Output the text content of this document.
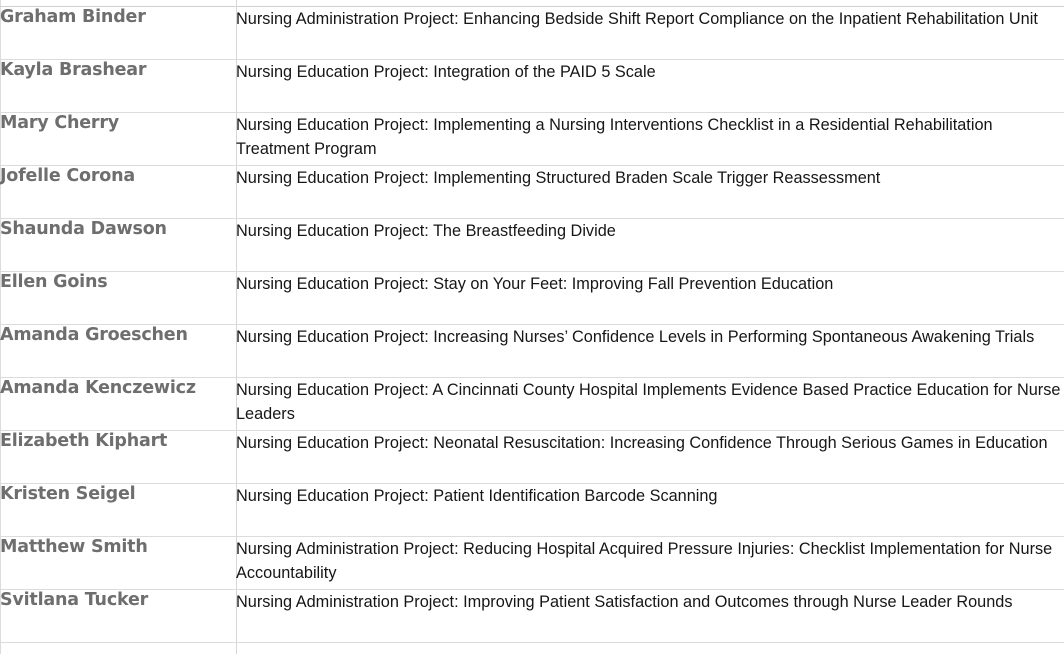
Graham Binder	Nursing Administration Project: Enhancing Bedside Shift Report Compliance on the Inpatient Rehabilitation Unit
Kayla Brashear	Nursing Education Project: Integration of the PAID 5 Scale
Mary Cherry	Nursing Education Project: Implementing a Nursing Interventions Checklist in a Residential Rehabilitation Treatment Program
Jofelle Corona	Nursing Education Project: Implementing Structured Braden Scale Trigger Reassessment
Shaunda Dawson	Nursing Education Project: The Breastfeeding Divide
Ellen Goins	Nursing Education Project: Stay on Your Feet: Improving Fall Prevention Education
Amanda Groeschen	Nursing Education Project: Increasing Nurses’ Confidence Levels in Performing Spontaneous Awakening Trials
Amanda Kenczewicz	Nursing Education Project: A Cincinnati County Hospital Implements Evidence Based Practice Education for Nurse Leaders
Elizabeth Kiphart	Nursing Education Project: Neonatal Resuscitation: Increasing Confidence Through Serious Games in Education
Kristen Seigel	Nursing Education Project: Patient Identification Barcode Scanning
Matthew Smith	Nursing Administration Project: Reducing Hospital Acquired Pressure Injuries: Checklist Implementation for Nurse Accountability
Svitlana Tucker	Nursing Administration Project: Improving Patient Satisfaction and Outcomes through Nurse Leader Rounds
